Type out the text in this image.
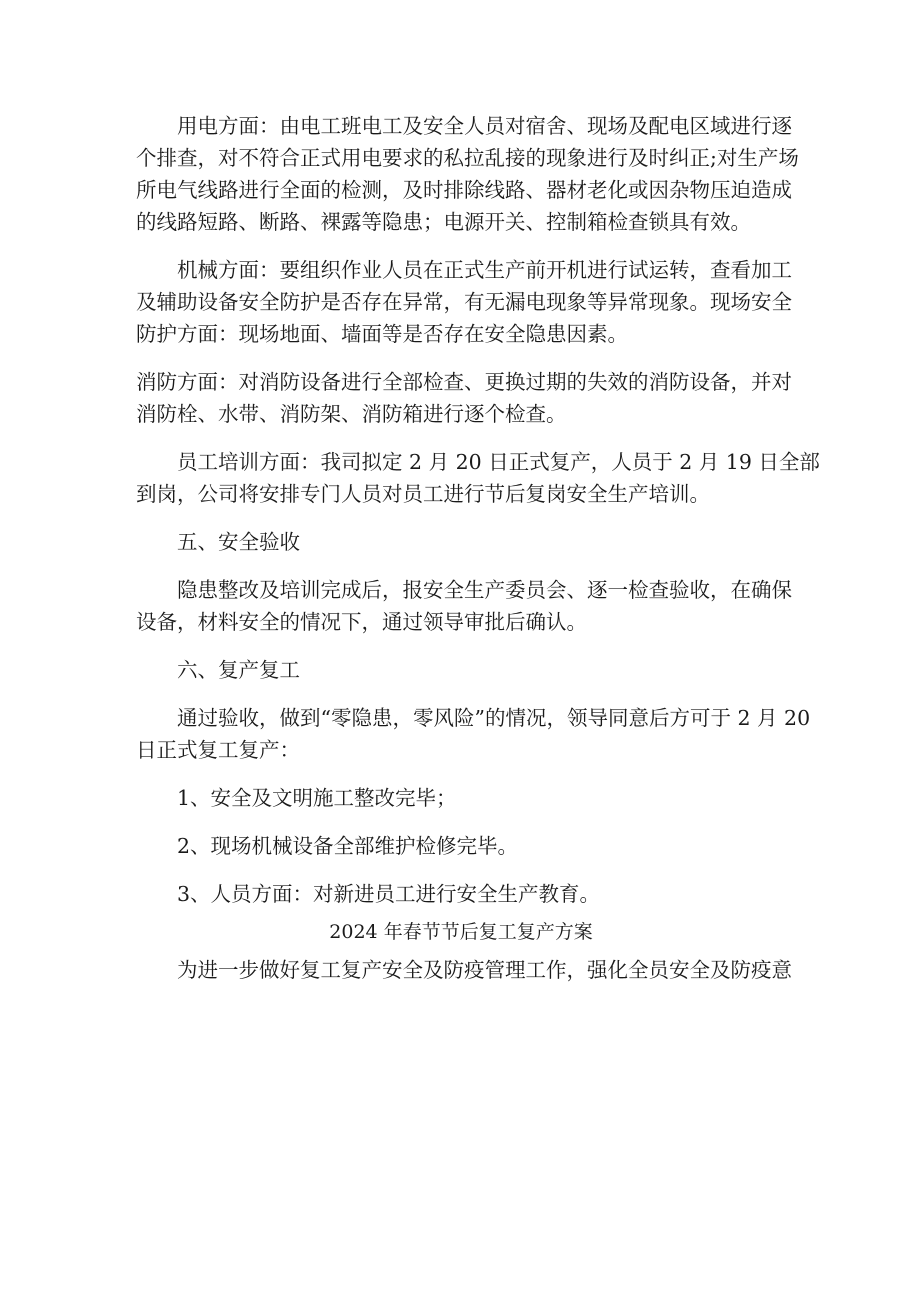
用电方面：由电工班电工及安全人员对宿舍、现场及配电区域进行逐
个排查，对不符合正式用电要求的私拉乱接的现象进行及时纠正;对生产场
所电气线路进行全面的检测，及时排除线路、器材老化或因杂物压迫造成
的线路短路、断路、裸露等隐患；电源开关、控制箱检查锁具有效。
机械方面：要组织作业人员在正式生产前开机进行试运转，查看加工
及辅助设备安全防护是否存在异常，有无漏电现象等异常现象。现场安全
防护方面：现场地面、墙面等是否存在安全隐患因素。
消防方面：对消防设备进行全部检查、更换过期的失效的消防设备，并对
消防栓、水带、消防架、消防箱进行逐个检查。
员工培训方面：我司拟定 2 月 20 日正式复产，人员于 2 月 19 日全部
到岗，公司将安排专门人员对员工进行节后复岗安全生产培训。
五、安全验收
隐患整改及培训完成后，报安全生产委员会、逐一检查验收，在确保
设备，材料安全的情况下，通过领导审批后确认。
六、复产复工
通过验收，做到“零隐患，零风险”的情况，领导同意后方可于 2 月 20
日正式复工复产：
1、安全及文明施工整改完毕；
2、现场机械设备全部维护检修完毕。
3、人员方面：对新进员工进行安全生产教育。
2024 年春节节后复工复产方案
为进一步做好复工复产安全及防疫管理工作，强化全员安全及防疫意
